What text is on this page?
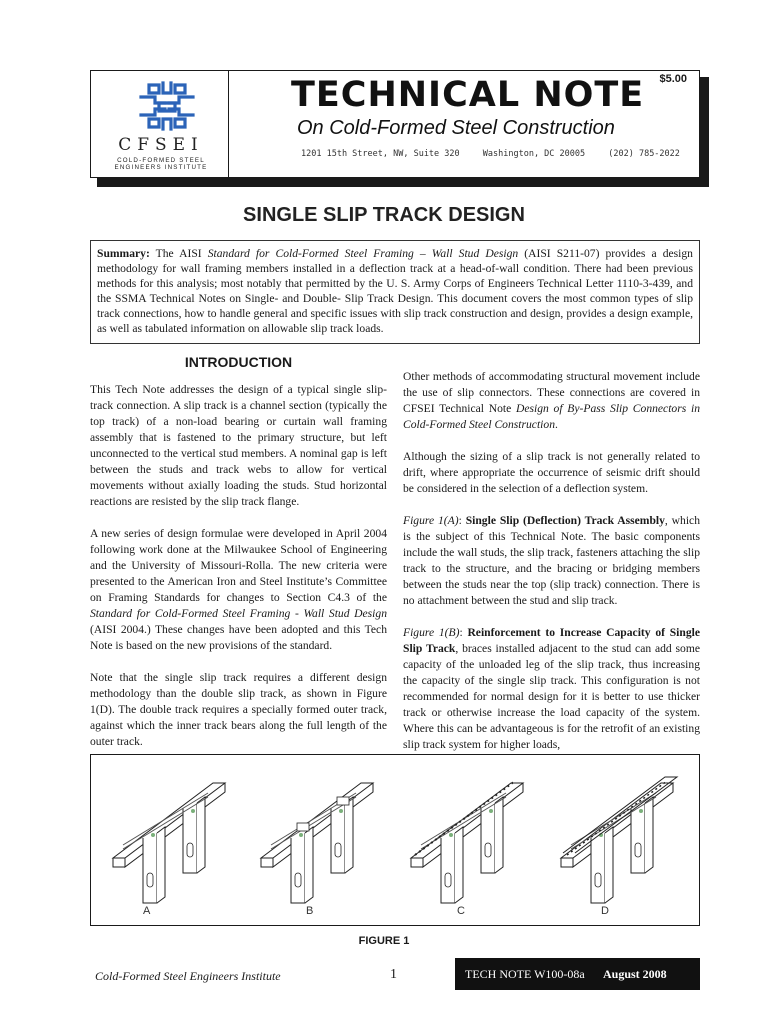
CFSEI
COLD-FORMED STEEL
ENGINEERS INSTITUTE
TECHNICAL NOTE $5.00
On Cold-Formed Steel Construction
1201 15th Street, NW, Suite 320	Washington, DC 20005	(202) 785-2022
SINGLE SLIP TRACK DESIGN
Summary: The AISI Standard for Cold-Formed Steel Framing – Wall Stud Design (AISI S211-07) provides a design methodology for wall framing members installed in a deflection track at a head-of-wall condition. There had been previous methods for this analysis; most notably that permitted by the U. S. Army Corps of Engineers Technical Letter 1110-3-439, and the SSMA Technical Notes on Single- and Double- Slip Track Design. This document covers the most common types of slip track connections, how to handle general and specific issues with slip track construction and design, provides a design example, as well as tabulated information on allowable slip track loads.
INTRODUCTION

This Tech Note addresses the design of a typical single slip-track connection. A slip track is a channel section (typically the top track) of a non-load bearing or curtain wall framing assembly that is fastened to the primary structure, but left unconnected to the vertical stud members. A nominal gap is left between the studs and track webs to allow for vertical movements without axially loading the studs. Stud horizontal reactions are resisted by the slip track flange.

A new series of design formulae were developed in April 2004 following work done at the Milwaukee School of Engineering and the University of Missouri-Rolla. The new criteria were presented to the American Iron and Steel Institute’s Committee on Framing Standards for changes to Section C4.3 of the Standard for Cold-Formed Steel Framing - Wall Stud Design (AISI 2004.) These changes have been adopted and this Tech Note is based on the new provisions of the standard.

Note that the single slip track requires a different design methodology than the double slip track, as shown in Figure 1(D). The double track requires a specially formed outer track, against which the inner track bears along the full length of the outer track.

Other methods of accommodating structural movement include the use of slip connectors. These connections are covered in CFSEI Technical Note Design of By-Pass Slip Connectors in Cold-Formed Steel Construction.

Although the sizing of a slip track is not generally related to drift, where appropriate the occurrence of seismic drift should be considered in the selection of a deflection system.

Figure 1(A): Single Slip (Deflection) Track Assembly, which is the subject of this Technical Note. The basic components include the wall studs, the slip track, fasteners attaching the slip track to the structure, and the bracing or bridging members between the studs near the top (slip track) connection. There is no attachment between the stud and slip track.

Figure 1(B): Reinforcement to Increase Capacity of Single Slip Track, braces installed adjacent to the stud can add some capacity of the unloaded leg of the slip track, thus increasing the capacity of the single slip track. This configuration is not recommended for normal design for it is better to use thicker track or otherwise increase the load capacity of the system. Where this can be advantageous is for the retrofit of an existing slip track system for higher loads,

A	B	C	D
FIGURE 1
Cold-Formed Steel Engineers Institute	1	TECH NOTE W100-08a August 2008
